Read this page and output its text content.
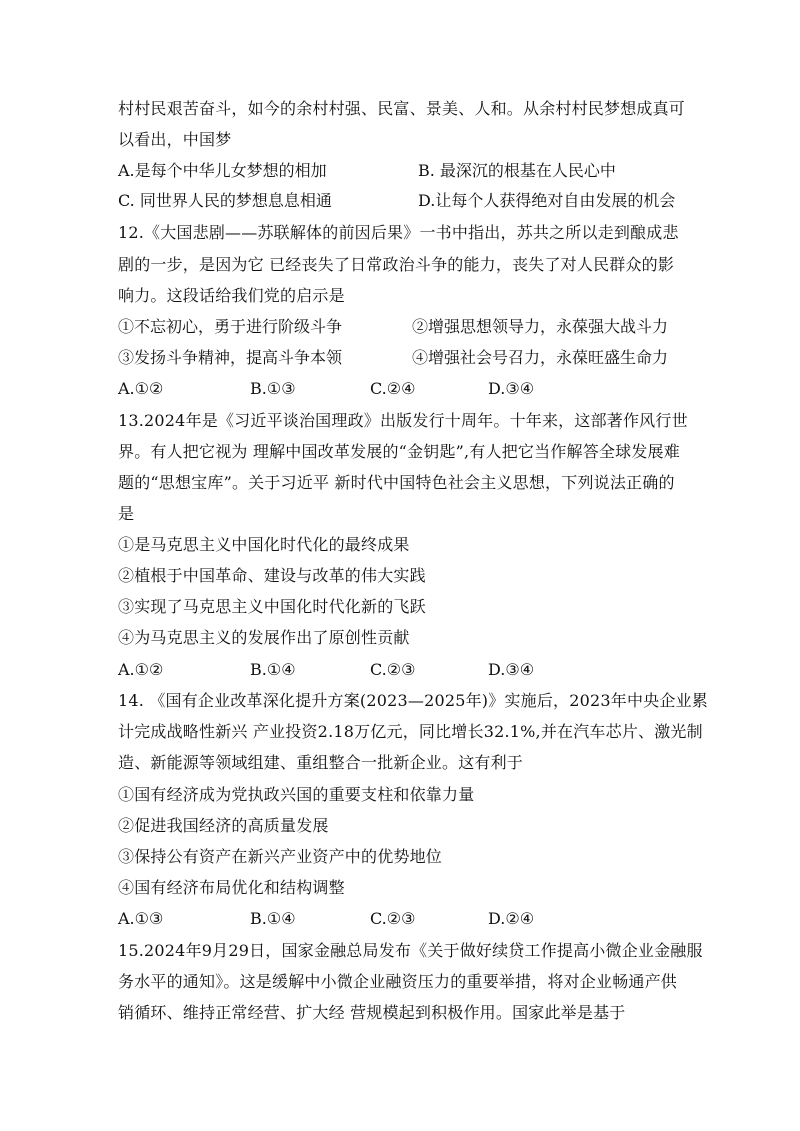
村村民艰苦奋斗，如今的余村村强、民富、景美、人和。从余村村民梦想成真可
以看出，中国梦
A.是每个中华儿女梦想的相加	B. 最深沉的根基在人民心中
C. 同世界人民的梦想息息相通	D.让每个人获得绝对自由发展的机会
12.《大国悲剧——苏联解体的前因后果》一书中指出，苏共之所以走到酿成悲
剧的一步，是因为它 已经丧失了日常政治斗争的能力，丧失了对人民群众的影
响力。这段话给我们党的启示是
①不忘初心，勇于进行阶级斗争	②增强思想领导力，永葆强大战斗力
③发扬斗争精神，提高斗争本领	④增强社会号召力，永葆旺盛生命力
A.①②	B.①③	C.②④	D.③④
13.2024年是《习近平谈治国理政》出版发行十周年。十年来，这部著作风行世
界。有人把它视为 理解中国改革发展的“金钥匙”,有人把它当作解答全球发展难
题的“思想宝库”。关于习近平 新时代中国特色社会主义思想，下列说法正确的
是
①是马克思主义中国化时代化的最终成果
②植根于中国革命、建设与改革的伟大实践
③实现了马克思主义中国化时代化新的飞跃
④为马克思主义的发展作出了原创性贡献
A.①②	B.①④	C.②③	D.③④
14. 《国有企业改革深化提升方案(2023—2025年)》实施后，2023年中央企业累
计完成战略性新兴 产业投资2.18万亿元，同比增长32.1%,并在汽车芯片、激光制
造、新能源等领域组建、重组整合一批新企业。这有利于
①国有经济成为党执政兴国的重要支柱和依靠力量
②促进我国经济的高质量发展
③保持公有资产在新兴产业资产中的优势地位
④国有经济布局优化和结构调整
A.①③	B.①④	C.②③	D.②④
15.2024年9月29日，国家金融总局发布《关于做好续贷工作提高小微企业金融服
务水平的通知》。这是缓解中小微企业融资压力的重要举措，将对企业畅通产供
销循环、维持正常经营、扩大经 营规模起到积极作用。国家此举是基于
